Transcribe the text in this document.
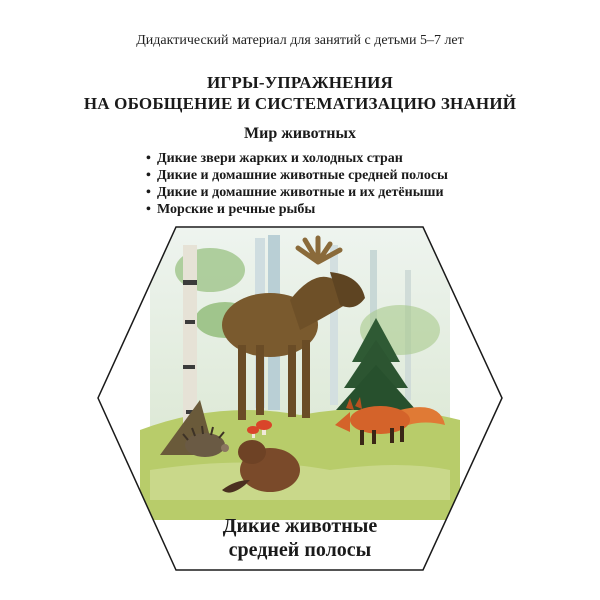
Дидактический материал для занятий с детьми 5–7 лет
ИГРЫ-УПРАЖНЕНИЯ
НА ОБОБЩЕНИЕ И СИСТЕМАТИЗАЦИЮ ЗНАНИЙ
Мир животных
• Дикие звери жарких и холодных стран
• Дикие и домашние животные средней полосы
• Дикие и домашние животные и их детёныши
• Морские и речные рыбы
Дикие животные
средней полосы
